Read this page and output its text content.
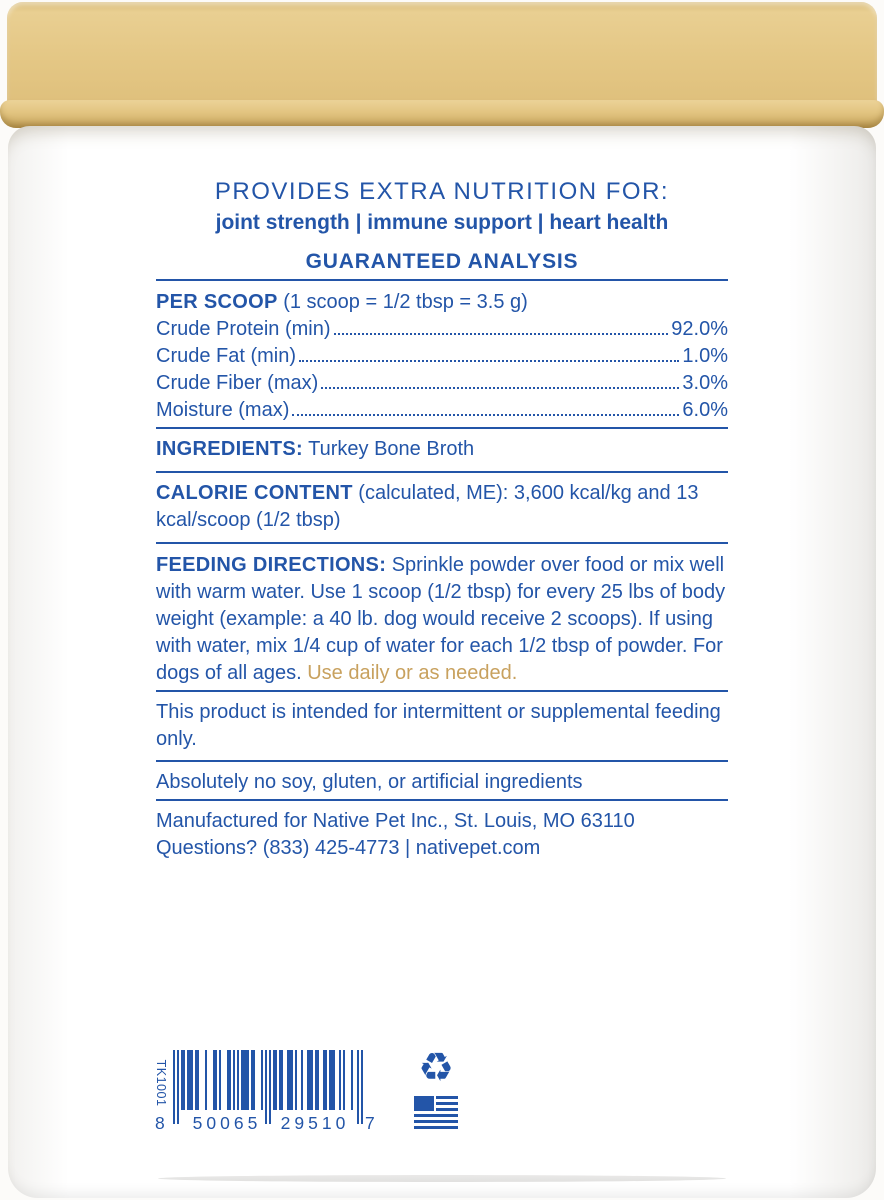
PROVIDES EXTRA NUTRITION FOR:
joint strength | immune support | heart health
GUARANTEED ANALYSIS

PER SCOOP (1 scoop = 1/2 tbsp = 3.5 g)

Crude Protein (min)	92.0%
Crude Fat (min)	1.0%
Crude Fiber (max)	3.0%
Moisture (max)	6.0%

INGREDIENTS: Turkey Bone Broth

CALORIE CONTENT (calculated, ME): 3,600 kcal/kg and 13 kcal/scoop (1/2 tbsp)

FEEDING DIRECTIONS: Sprinkle powder over food or mix well with warm water. Use 1 scoop (1/2 tbsp) for every 25 lbs of body weight (example: a 40 lb. dog would receive 2 scoops). If using with water, mix 1/4 cup of water for each 1/2 tbsp of powder. For dogs of all ages. Use daily or as needed.

This product is intended for intermittent or supplemental feeding only.

Absolutely no soy, gluten, or artificial ingredients

Manufactured for Native Pet Inc., St. Louis, MO 63110

Questions? (833) 425-4773 | nativepet.com

TK1001
8	50065	29510 7
♻
